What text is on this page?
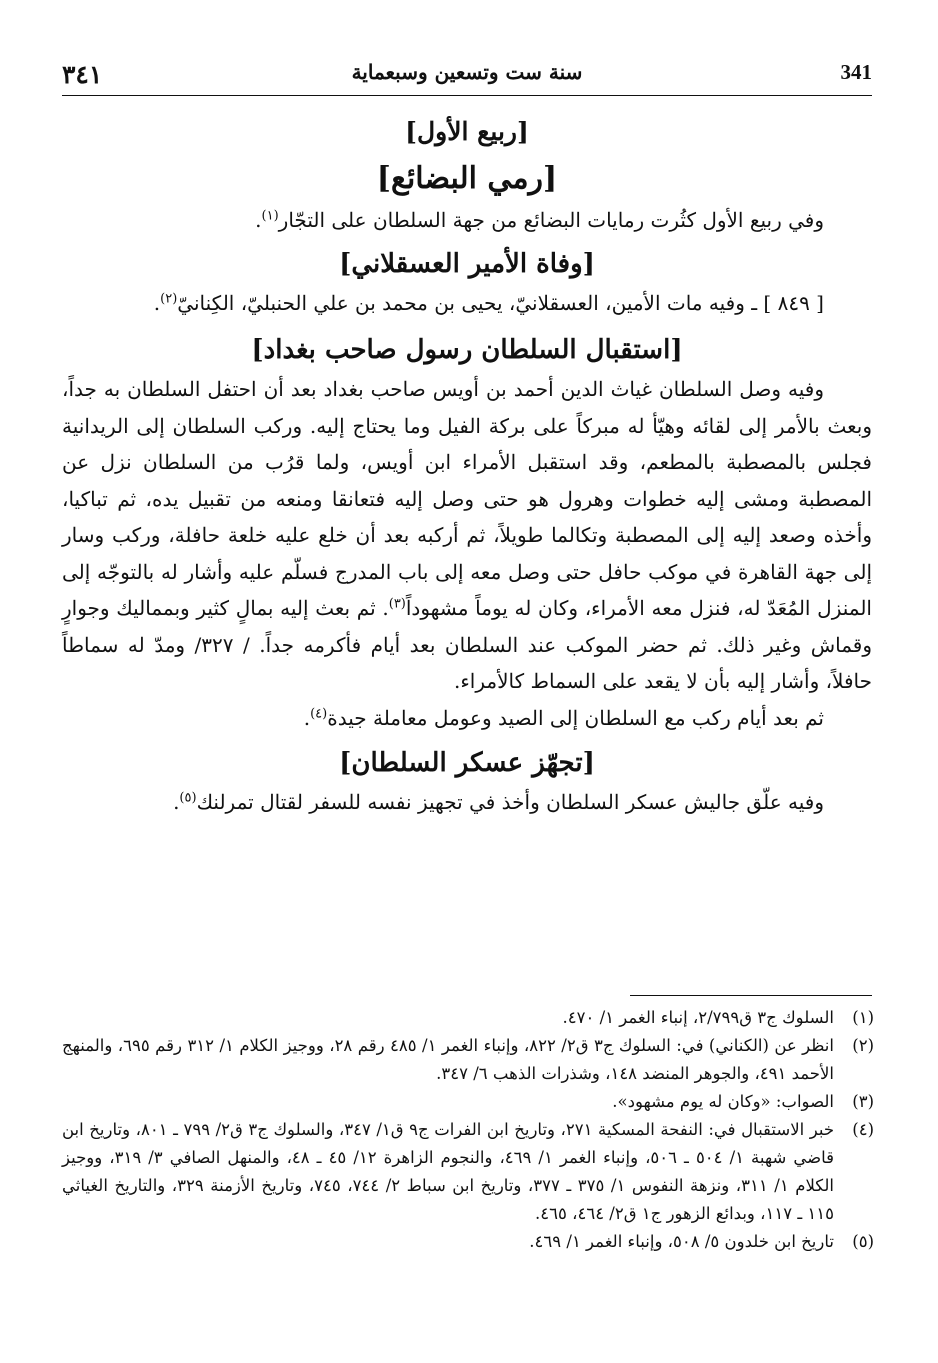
٣٤١	سنة ست وتسعين وسبعماية	341
[ربيع الأول]
[رمي البضائع]

وفي ربيع الأول كثُرت رمايات البضائع من جهة السلطان على التجّار$^{(١)}$.

[وفاة الأمير العسقلاني]

[ ٨٤٩ ] ـ وفيه مات الأمين، العسقلانيّ، يحيى بن محمد بن علي الحنبليّ، الكِنانيّ$^{(٢)}$.

[استقبال السلطان رسول صاحب بغداد]

وفيه وصل السلطان غياث الدين أحمد بن أويس صاحب بغداد بعد أن احتفل السلطان به جداً، وبعث بالأمر إلى لقائه وهيّأ له مبركاً على بركة الفيل وما يحتاج إليه. وركب السلطان إلى الريدانية فجلس بالمصطبة بالمطعم، وقد استقبل الأمراء ابن أويس، ولما قرُب من السلطان نزل عن المصطبة ومشى إليه خطوات وهرول هو حتى وصل إليه فتعانقا ومنعه من تقبيل يده، ثم تباكيا، وأخذه وصعد إليه إلى المصطبة وتكالما طويلاً، ثم أركبه بعد أن خلع عليه خلعة حافلة، وركب وسار إلى جهة القاهرة في موكب حافل حتى وصل معه إلى باب المدرج فسلّم عليه وأشار له بالتوجّه إلى المنزل المُعَدّ له، فنزل معه الأمراء، وكان له يوماً مشهوداً$^{(٣)}$. ثم بعث إليه بمالٍ كثير وبمماليك وجوارٍ وقماش وغير ذلك. ثم حضر الموكب عند السلطان بعد أيام فأكرمه جداً. / ٣٢٧/ ومدّ له سماطاً حافلاً، وأشار إليه بأن لا يقعد على السماط كالأمراء.

ثم بعد أيام ركب مع السلطان إلى الصيد وعومل معاملة جيدة$^{(٤)}$.

[تجهّز عسكر السلطان]

وفيه علّق جاليش عسكر السلطان وأخذ في تجهيز نفسه للسفر لقتال تمرلنك$^{(٥)}$.

(١)
السلوك ج٣ ق٢/٧٩٩، إنباء الغمر ١/ ٤٧٠.

(٢)
انظر عن (الكناني) في: السلوك ج٣ ق٢/ ٨٢٢، وإنباء الغمر ١/ ٤٨٥ رقم ٢٨، ووجيز الكلام ١/ ٣١٢ رقم ٦٩٥، والمنهج الأحمد ٤٩١، والجوهر المنضد ١٤٨، وشذرات الذهب ٦/ ٣٤٧.

(٣)
الصواب: «وكان له يوم مشهود».

(٤)
خبر الاستقبال في: النفحة المسكية ٢٧١، وتاريخ ابن الفرات ج٩ ق١/ ٣٤٧، والسلوك ج٣ ق٢/ ٧٩٩ ـ ٨٠١، وتاريخ ابن قاضي شهبة ١/ ٥٠٤ ـ ٥٠٦، وإنباء الغمر ١/ ٤٦٩، والنجوم الزاهرة ١٢/ ٤٥ ـ ٤٨، والمنهل الصافي ٣/ ٣١٩، ووجيز الكلام ١/ ٣١١، ونزهة النفوس ١/ ٣٧٥ ـ ٣٧٧، وتاريخ ابن سباط ٢/ ٧٤٤، ٧٤٥، وتاريخ الأزمنة ٣٢٩، والتاريخ الغياثي ١١٥ ـ ١١٧، وبدائع الزهور ج١ ق٢/ ٤٦٤، ٤٦٥.

(٥)
تاريخ ابن خلدون ٥/ ٥٠٨، وإنباء الغمر ١/ ٤٦٩.
